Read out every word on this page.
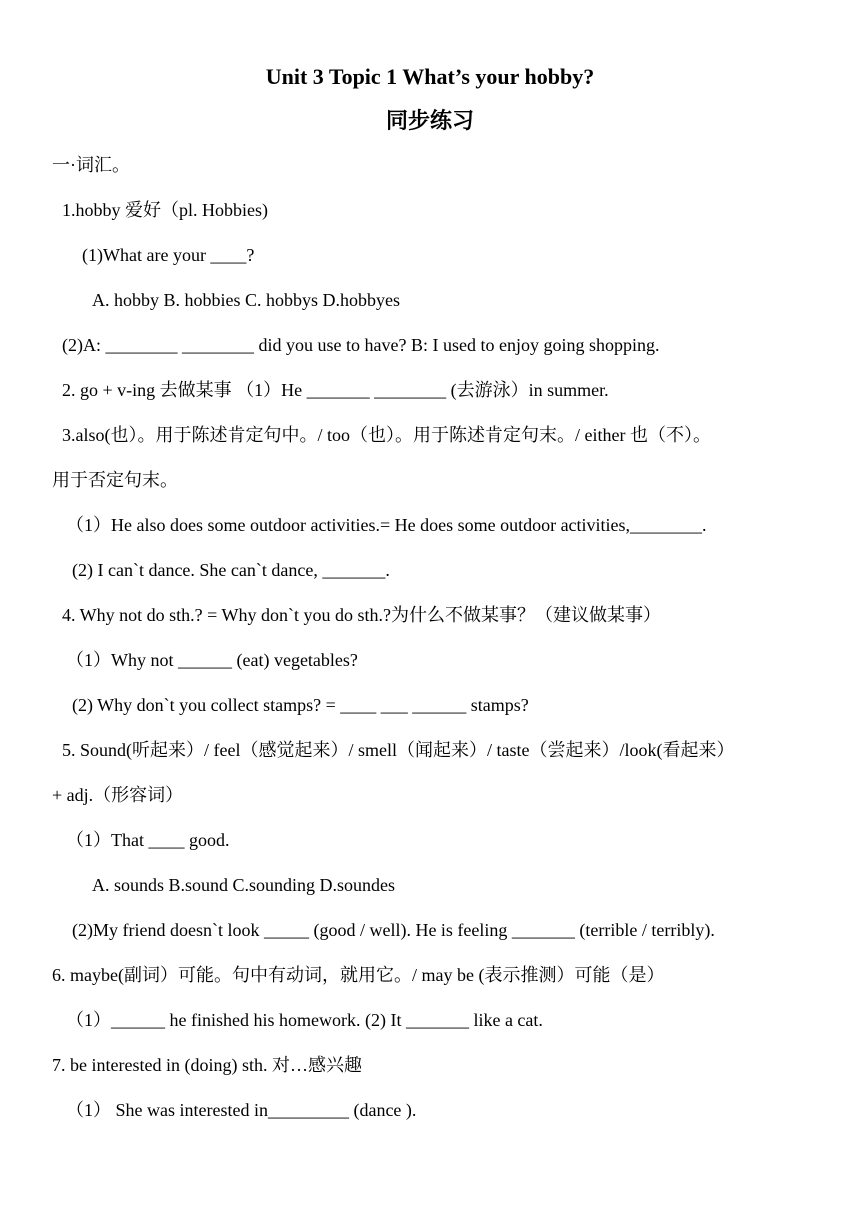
Unit 3 Topic 1 What’s your hobby?
同步练习
一·词汇。
1.hobby 爱好（pl. Hobbies)
(1)What are your ____?
A. hobby B. hobbies C. hobbys D.hobbyes
(2)A: ________ ________ did you use to have? B: I used to enjoy going shopping.
2. go + v-ing 去做某事 （1）He _______ ________ (去游泳）in summer.
3.also(也）。用于陈述肯定句中。/ too（也）。用于陈述肯定句末。/ either 也（不）。
用于否定句末。
（1）He also does some outdoor activities.= He does some outdoor activities,________.
(2) I can`t dance. She can`t dance, _______.
4. Why not do sth.? = Why don`t you do sth.?为什么不做某事？（建议做某事）
（1）Why not ______ (eat) vegetables?
(2) Why don`t you collect stamps? = ____ ___ ______ stamps?
5. Sound(听起来）/ feel（感觉起来）/ smell（闻起来）/ taste（尝起来）/look(看起来）
+ adj.（形容词）
（1）That ____ good.
A. sounds B.sound C.sounding D.soundes
(2)My friend doesn`t look _____ (good / well). He is feeling _______ (terrible / terribly).
6. maybe(副词）可能。句中有动词，就用它。/ may be (表示推测）可能（是）
（1）______ he finished his homework. (2) It _______ like a cat.
7. be interested in (doing) sth. 对…感兴趣
（1） She was interested in_________ (dance ).
